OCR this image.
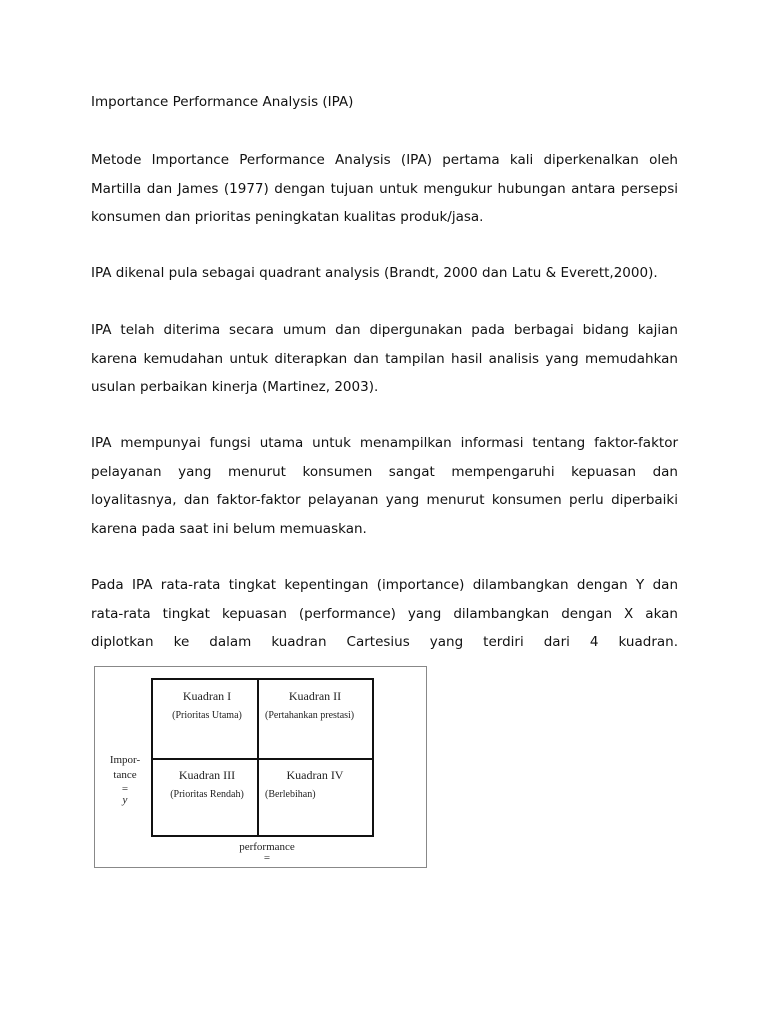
Importance Performance Analysis (IPA)

Metode Importance Performance Analysis (IPA) pertama kali diperkenalkan oleh Martilla dan James (1977) dengan tujuan untuk mengukur hubungan antara persepsi konsumen dan prioritas peningkatan kualitas produk/jasa.

IPA dikenal pula sebagai quadrant analysis (Brandt, 2000 dan Latu & Everett,2000).

IPA telah diterima secara umum dan dipergunakan pada berbagai bidang kajian karena kemudahan untuk diterapkan dan tampilan hasil analisis yang memudahkan usulan perbaikan kinerja (Martinez, 2003).

IPA mempunyai fungsi utama untuk menampilkan informasi tentang faktor-faktor pelayanan yang menurut konsumen sangat mempengaruhi kepuasan dan loyalitasnya, dan faktor-faktor pelayanan yang menurut konsumen perlu diperbaiki karena pada saat ini belum memuaskan.

Pada IPA rata-rata tingkat kepentingan (importance) dilambangkan dengan Y dan rata-rata tingkat kepuasan (performance) yang dilambangkan dengan X akan diplotkan ke dalam kuadran Cartesius yang terdiri dari 4 kuadran.

Impor-
tance
=
y
Kuadran I
(Prioritas Utama)
Kuadran II
(Pertahankan prestasi)
Kuadran III
(Prioritas Rendah)
Kuadran IV
(Berlebihan)
performance
=
